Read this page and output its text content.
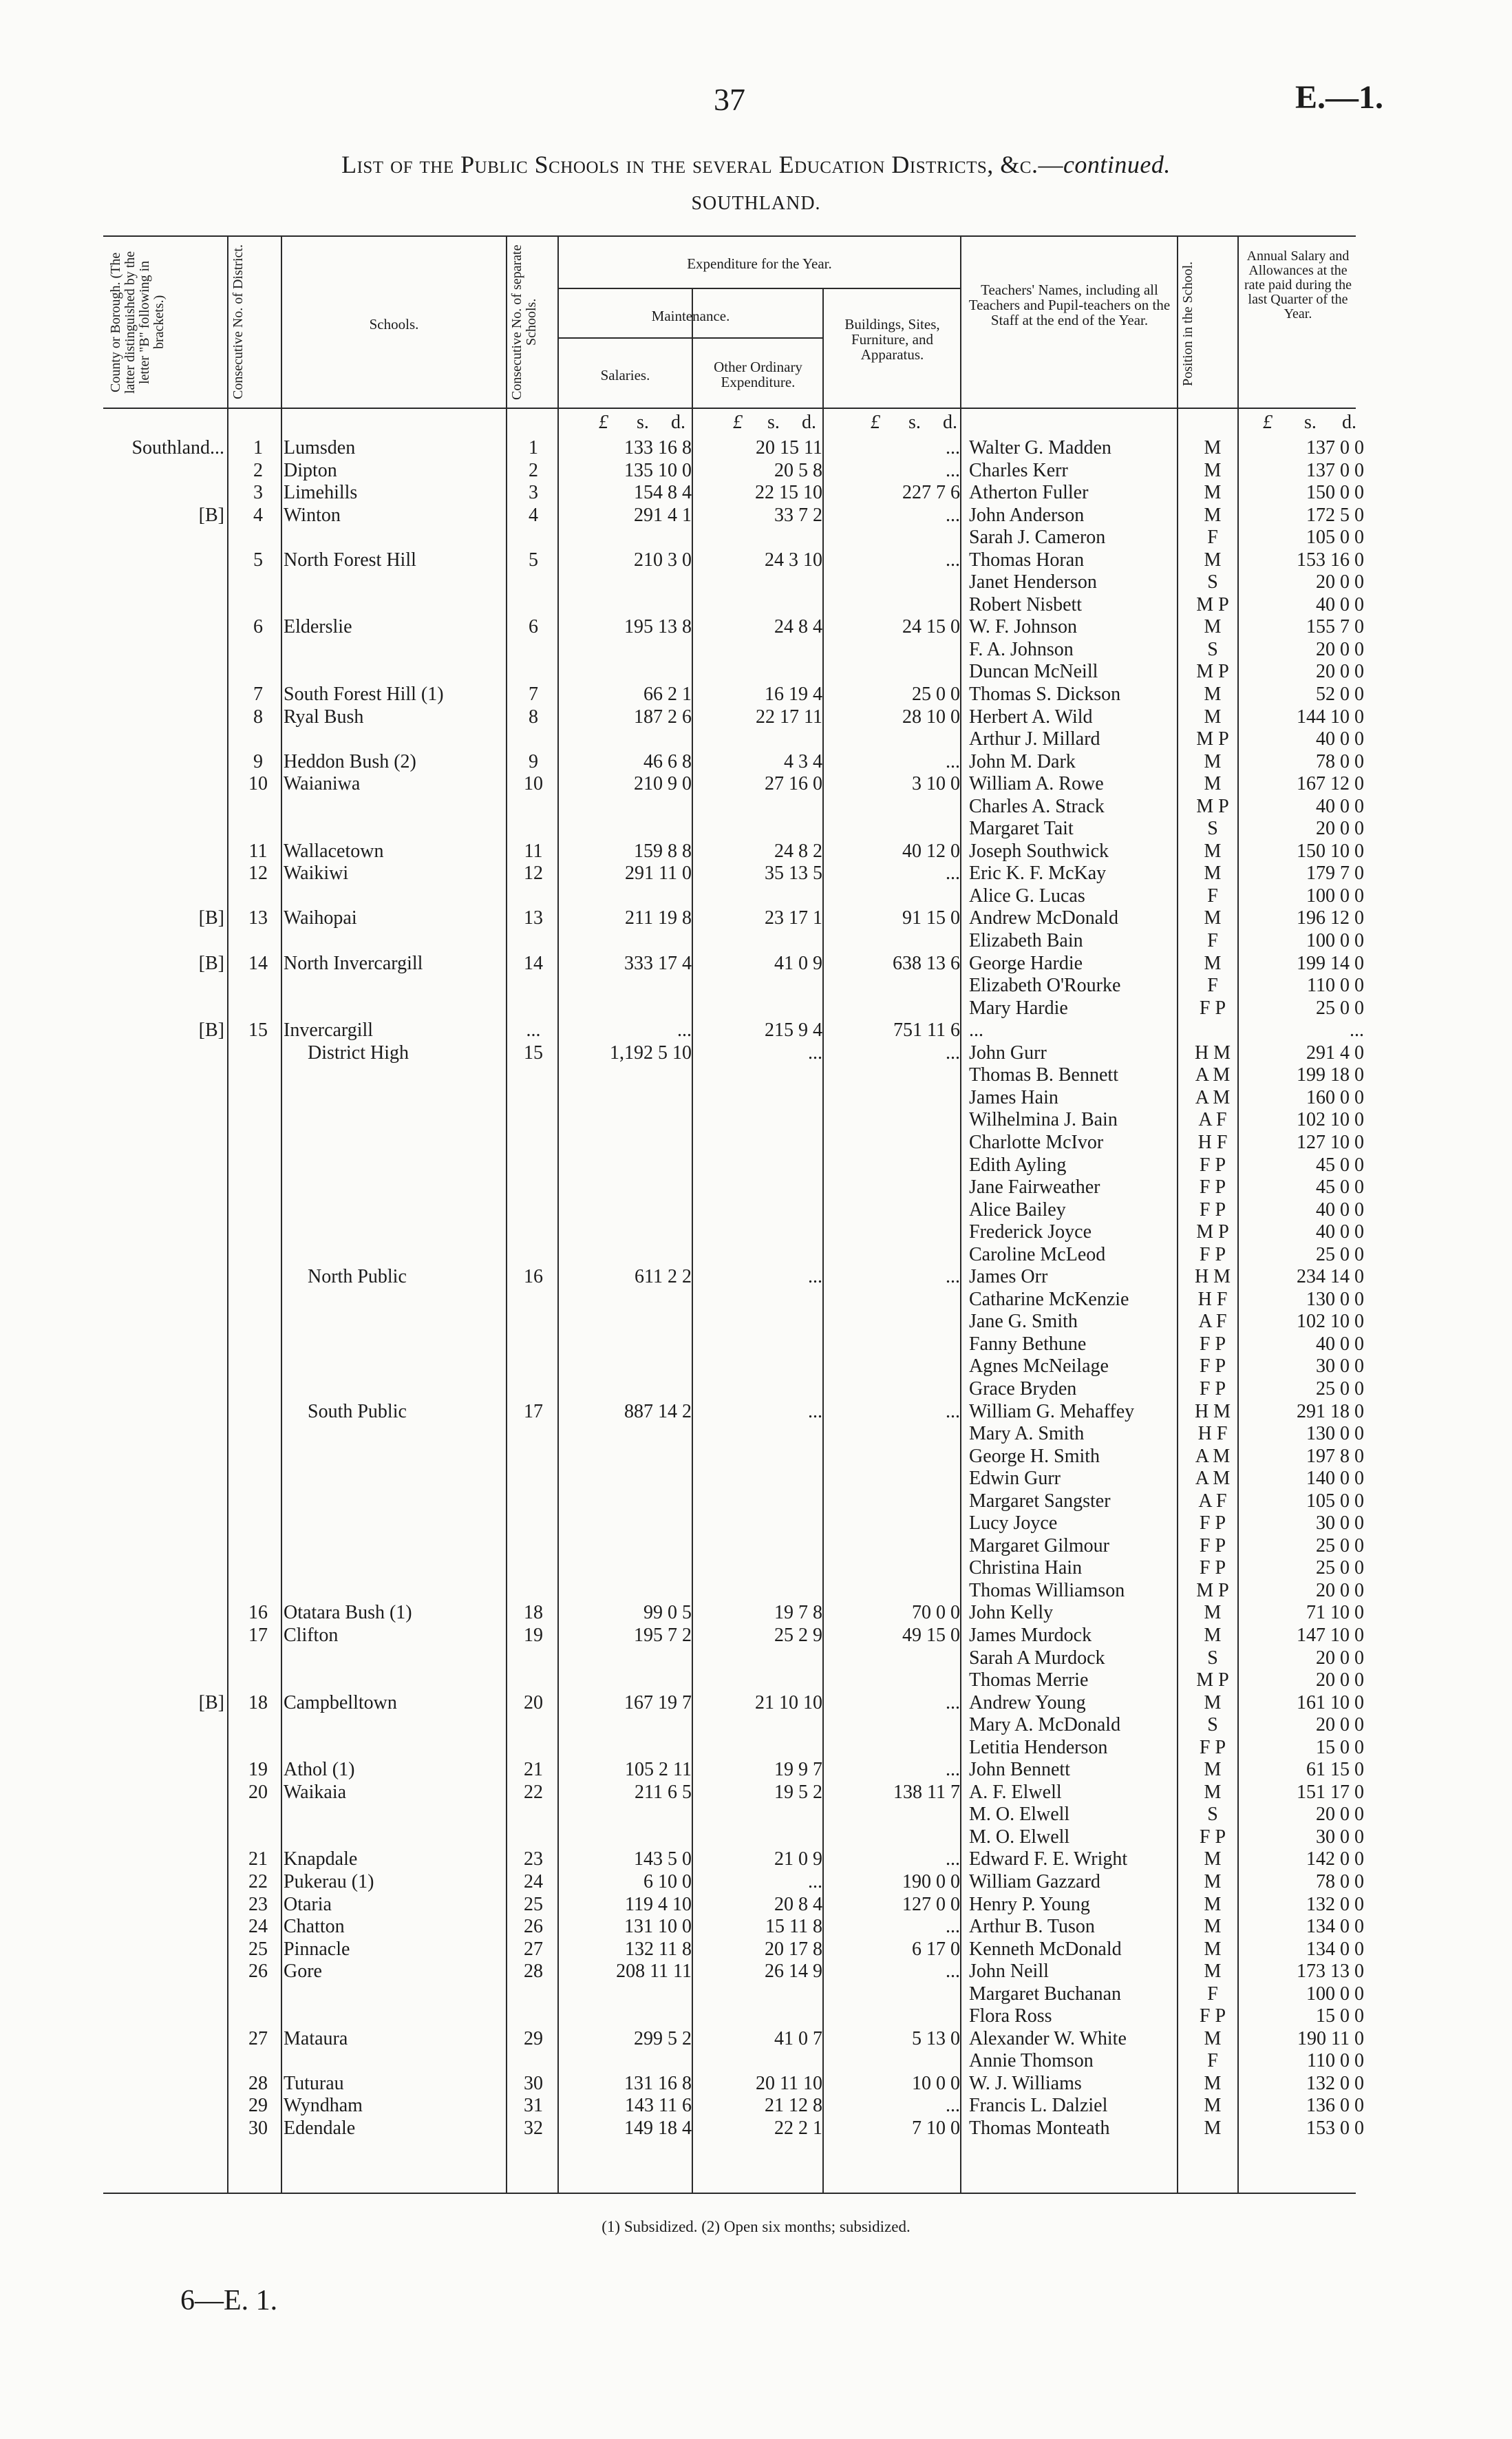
37	E.—1.
List of the Public Schools in the several Education Districts, &c.—continued.
SOUTHLAND.
County or Borough. (The latter distinguished by the letter "B" following in brackets.)	Consecutive No. of District.	Schools.	Consecutive No. of separate Schools.
Expenditure for the Year.
Maintenance.
Salaries.	Other Ordinary Expenditure.
Buildings, Sites, Furniture, and Apparatus.
Teachers' Names, including all Teachers and Pupil-teachers on the Staff at the end of the Year.	Position in the School.
Annual Salary and Allowances at the rate paid during the last Quarter of the Year.
£ s. d. £ s. d.	£ s. d.	£ s. d.
Southland...	1	Lumsden	1	133 16 8	20 15 11	... Walter G. Madden	M	137 0 0
2	Dipton	2	135 10 0	20 5 8	... Charles Kerr	M	137 0 0
3	Limehills	3	154 8 4	22 15 10	227 7 6 Atherton Fuller	M	150 0 0
[B]	4	Winton	4	291 4 1	33 7 2	... John Anderson	M	172 5 0
Sarah J. Cameron	F	105 0 0
5	North Forest Hill	5	210 3 0	24 3 10	... Thomas Horan	M	153 16 0
Janet Henderson	S	20 0 0
Robert Nisbett	M P	40 0 0
6	Elderslie	6	195 13 8	24 8 4	24 15 0 W. F. Johnson	M	155 7 0
F. A. Johnson	S	20 0 0
Duncan McNeill	M P	20 0 0
7	South Forest Hill (1)	7	66 2 1	16 19 4	25 0 0 Thomas S. Dickson	M	52 0 0
8	Ryal Bush	8	187 2 6	22 17 11	28 10 0 Herbert A. Wild	M	144 10 0
Arthur J. Millard	M P	40 0 0
9	Heddon Bush (2)	9	46 6 8	4 3 4	... John M. Dark	M	78 0 0
10 Waianiwa	10	210 9 0	27 16 0	3 10 0 William A. Rowe	M	167 12 0
Charles A. Strack	M P	40 0 0
Margaret Tait	S	20 0 0
11 Wallacetown	11	159 8 8	24 8 2	40 12 0 Joseph Southwick	M	150 10 0
12 Waikiwi	12	291 11 0	35 13 5	... Eric K. F. McKay	M	179 7 0
Alice G. Lucas	F	100 0 0
[B]	13 Waihopai	13	211 19 8	23 17 1	91 15 0 Andrew McDonald	M	196 12 0
Elizabeth Bain	F	100 0 0
[B]	14 North Invercargill	14	333 17 4	41 0 9	638 13 6 George Hardie	M	199 14 0
Elizabeth O'Rourke	F	110 0 0
Mary Hardie	F P	25 0 0
[B]	15 Invercargill	...	...	215 9 4	751 11 6 ...	...
District High	15	1,192 5 10	...	... John Gurr	H M	291 4 0
Thomas B. Bennett	A M	199 18 0
James Hain	A M	160 0 0
Wilhelmina J. Bain	A F	102 10 0
Charlotte McIvor	H F	127 10 0
Edith Ayling	F P	45 0 0
Jane Fairweather	F P	45 0 0
Alice Bailey	F P	40 0 0
Frederick Joyce	M P	40 0 0
Caroline McLeod	F P	25 0 0
North Public	16	611 2 2	...	... James Orr	H M	234 14 0
Catharine McKenzie	H F	130 0 0
Jane G. Smith	A F	102 10 0
Fanny Bethune	F P	40 0 0
Agnes McNeilage	F P	30 0 0
Grace Bryden	F P	25 0 0
South Public	17	887 14 2	...	... William G. Mehaffey	H M	291 18 0
Mary A. Smith	H F	130 0 0
George H. Smith	A M	197 8 0
Edwin Gurr	A M	140 0 0
Margaret Sangster	A F	105 0 0
Lucy Joyce	F P	30 0 0
Margaret Gilmour	F P	25 0 0
Christina Hain	F P	25 0 0
Thomas Williamson	M P	20 0 0
16 Otatara Bush (1)	18	99 0 5	19 7 8	70 0 0 John Kelly	M	71 10 0
17 Clifton	19	195 7 2	25 2 9	49 15 0 James Murdock	M	147 10 0
Sarah A Murdock	S	20 0 0
Thomas Merrie	M P	20 0 0
[B]	18 Campbelltown	20	167 19 7	21 10 10	... Andrew Young	M	161 10 0
Mary A. McDonald	S	20 0 0
Letitia Henderson	F P	15 0 0
19 Athol (1)	21	105 2 11	19 9 7	... John Bennett	M	61 15 0
20 Waikaia	22	211 6 5	19 5 2	138 11 7 A. F. Elwell	M	151 17 0
M. O. Elwell	S	20 0 0
M. O. Elwell	F P	30 0 0
21 Knapdale	23	143 5 0	21 0 9	... Edward F. E. Wright	M	142 0 0
22 Pukerau (1)	24	6 10 0	...	190 0 0 William Gazzard	M	78 0 0
23 Otaria	25	119 4 10	20 8 4	127 0 0 Henry P. Young	M	132 0 0
24 Chatton	26	131 10 0	15 11 8	... Arthur B. Tuson	M	134 0 0
25 Pinnacle	27	132 11 8	20 17 8	6 17 0 Kenneth McDonald	M	134 0 0
26 Gore	28	208 11 11	26 14 9	... John Neill	M	173 13 0
Margaret Buchanan	F	100 0 0
Flora Ross	F P	15 0 0
27 Mataura	29	299 5 2	41 0 7	5 13 0 Alexander W. White	M	190 11 0
Annie Thomson	F	110 0 0
28 Tuturau	30	131 16 8	20 11 10	10 0 0 W. J. Williams	M	132 0 0
29 Wyndham	31	143 11 6	21 12 8	... Francis L. Dalziel	M	136 0 0
30 Edendale	32	149 18 4	22 2 1	7 10 0 Thomas Monteath	M	153 0 0
(1) Subsidized. (2) Open six months; subsidized.
6—E. 1.
